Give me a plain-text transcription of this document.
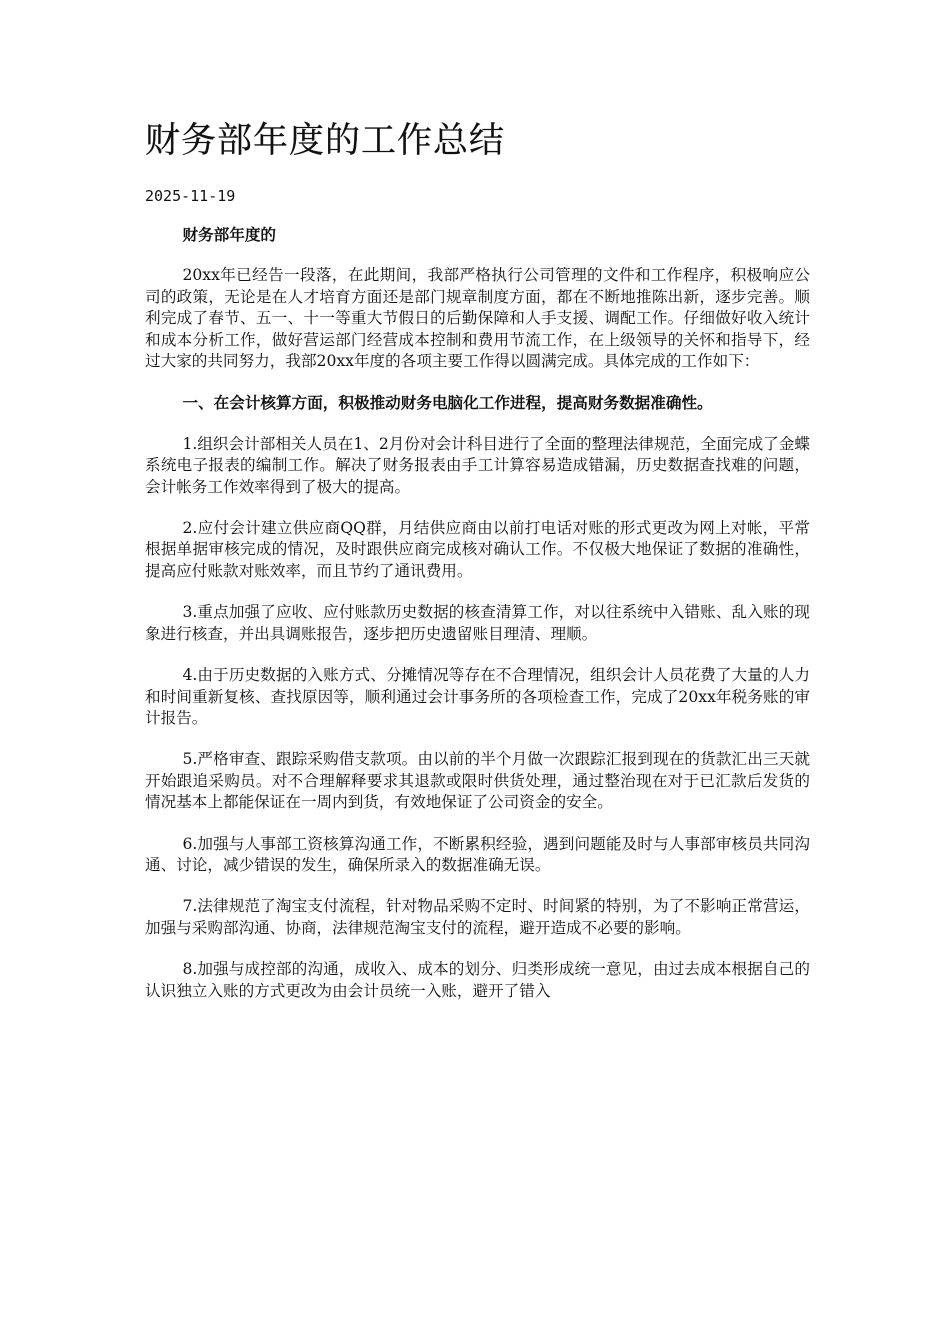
财务部年度的工作总结
2025-11-19

财务部年度的

20xx年已经告一段落，在此期间，我部严格执行公司管理的文件和工作程序，积极响应公司的政策，无论是在人才培育方面还是部门规章制度方面，都在不断地推陈出新，逐步完善。顺利完成了春节、五一、十一等重大节假日的后勤保障和人手支援、调配工作。仔细做好收入统计和成本分析工作，做好营运部门经营成本控制和费用节流工作，在上级领导的关怀和指导下，经过大家的共同努力，我部20xx年度的各项主要工作得以圆满完成。具体完成的工作如下：

一、在会计核算方面，积极推动财务电脑化工作进程，提高财务数据准确性。

1.组织会计部相关人员在1、2月份对会计科目进行了全面的整理法律规范，全面完成了金蝶系统电子报表的编制工作。解决了财务报表由手工计算容易造成错漏，历史数据查找难的问题，会计帐务工作效率得到了极大的提高。

2.应付会计建立供应商QQ群，月结供应商由以前打电话对账的形式更改为网上对帐，平常根据单据审核完成的情况，及时跟供应商完成核对确认工作。不仅极大地保证了数据的准确性，提高应付账款对账效率，而且节约了通讯费用。

3.重点加强了应收、应付账款历史数据的核查清算工作，对以往系统中入错账、乱入账的现象进行核查，并出具调账报告，逐步把历史遗留账目理清、理顺。

4.由于历史数据的入账方式、分摊情况等存在不合理情况，组织会计人员花费了大量的人力和时间重新复核、查找原因等，顺利通过会计事务所的各项检查工作，完成了20xx年税务账的审计报告。

5.严格审查、跟踪采购借支款项。由以前的半个月做一次跟踪汇报到现在的货款汇出三天就开始跟追采购员。对不合理解释要求其退款或限时供货处理，通过整治现在对于已汇款后发货的情况基本上都能保证在一周内到货，有效地保证了公司资金的安全。

6.加强与人事部工资核算沟通工作，不断累积经验，遇到问题能及时与人事部审核员共同沟通、讨论，减少错误的发生，确保所录入的数据准确无误。

7.法律规范了淘宝支付流程，针对物品采购不定时、时间紧的特别，为了不影响正常营运，加强与采购部沟通、协商，法律规范淘宝支付的流程，避开造成不必要的影响。

8.加强与成控部的沟通，成收入、成本的划分、归类形成统一意见，由过去成本根据自己的认识独立入账的方式更改为由会计员统一入账，避开了错入
